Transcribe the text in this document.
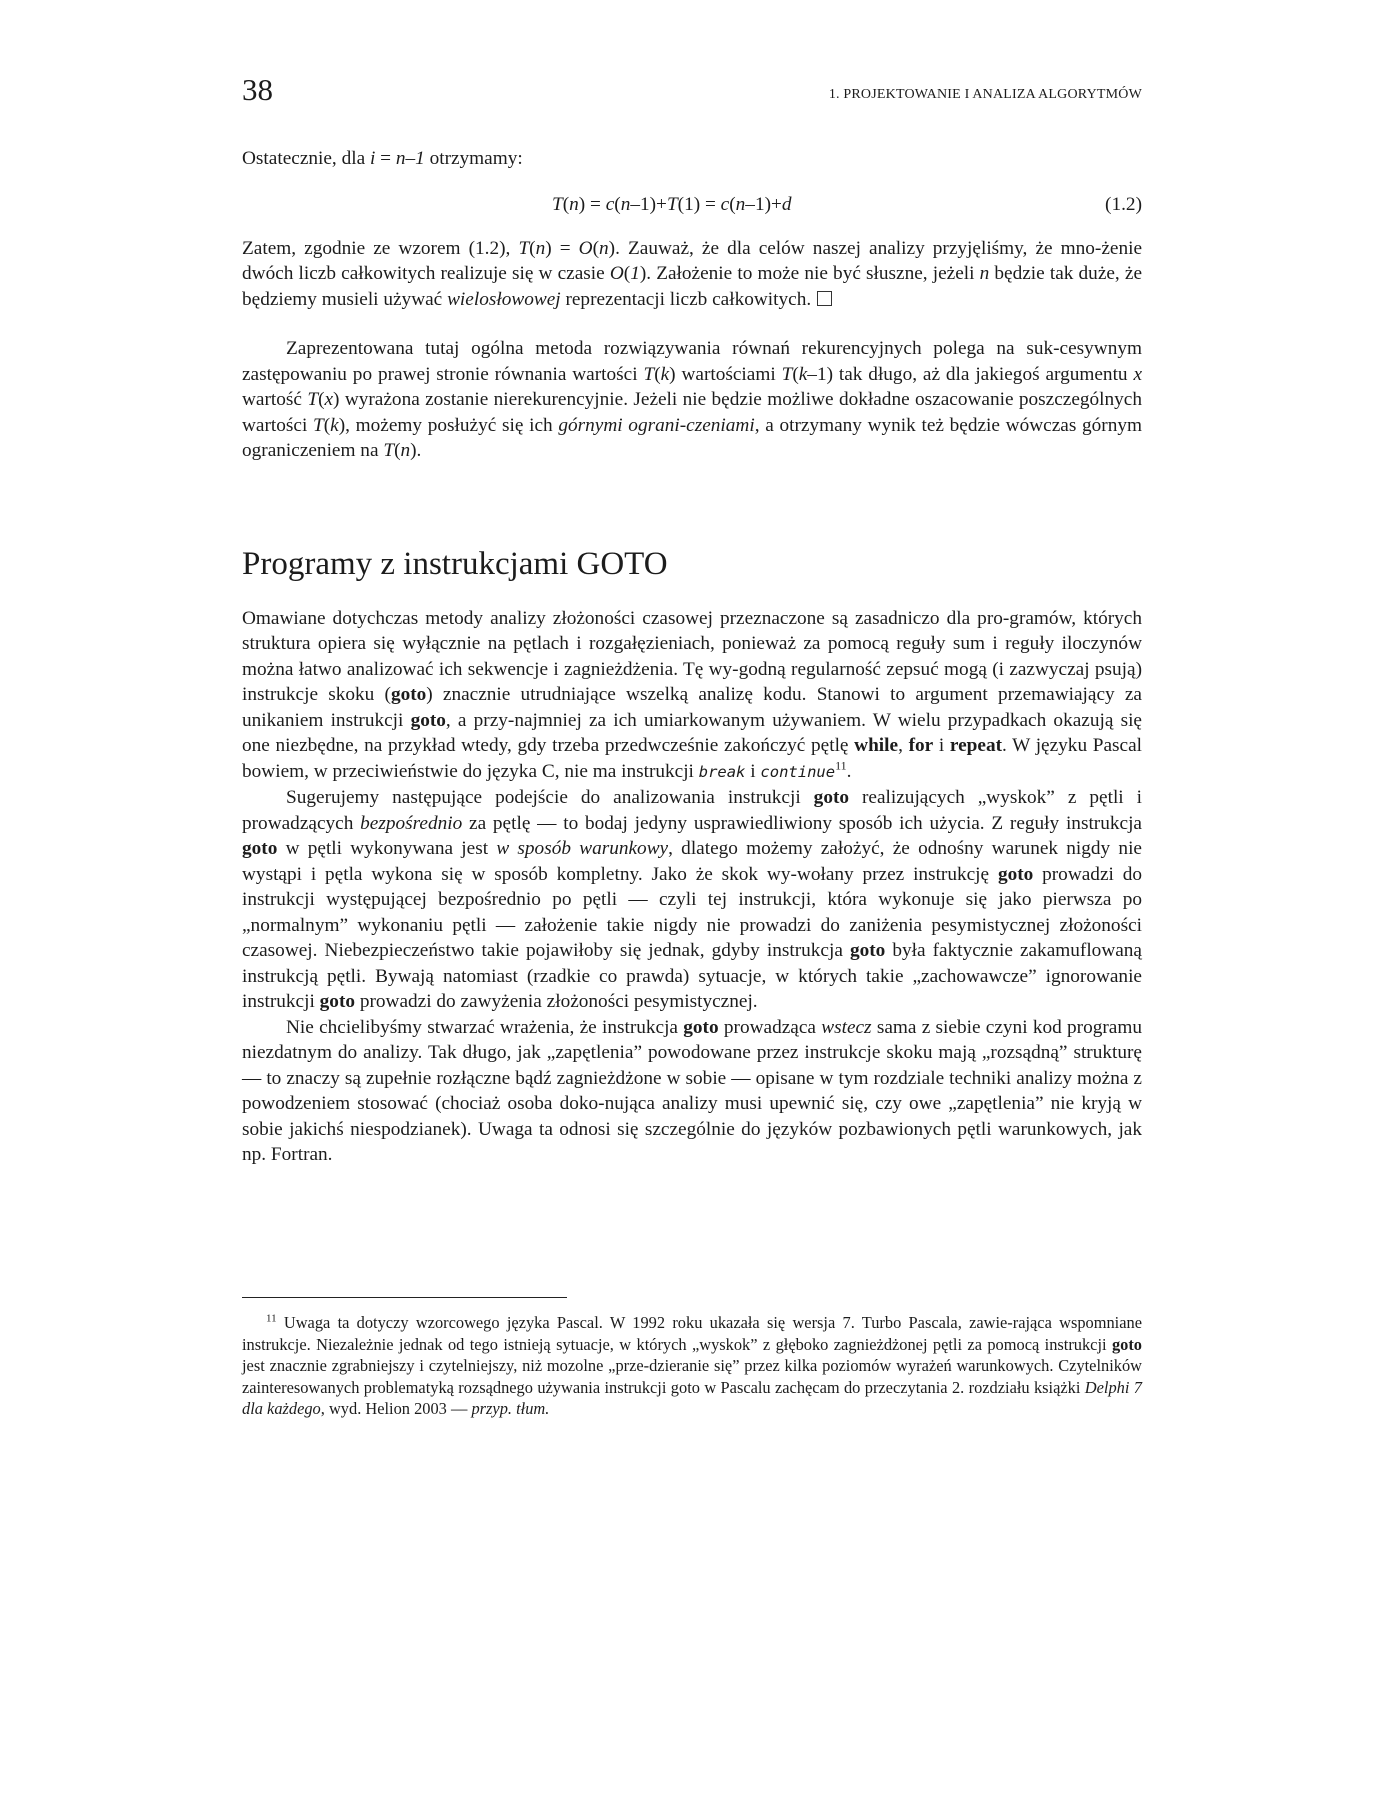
38	1. PROJEKTOWANIE I ANALIZA ALGORYTMÓW

Ostatecznie, dla i = n–1 otrzymamy:

T(n) = c(n–1)+T(1) = c(n–1)+d	(1.2)

Zatem, zgodnie ze wzorem (1.2), T(n) = O(n). Zauważ, że dla celów naszej analizy przyjęliśmy, że mno-żenie dwóch liczb całkowitych realizuje się w czasie O(1). Założenie to może nie być słuszne, jeżeli n będzie tak duże, że będziemy musieli używać wielosłowowej reprezentacji liczb całkowitych.

Zaprezentowana tutaj ogólna metoda rozwiązywania równań rekurencyjnych polega na suk-cesywnym zastępowaniu po prawej stronie równania wartości T(k) wartościami T(k–1) tak długo, aż dla jakiegoś argumentu x wartość T(x) wyrażona zostanie nierekurencyjnie. Jeżeli nie będzie możliwe dokładne oszacowanie poszczególnych wartości T(k), możemy posłużyć się ich górnymi ograni-czeniami, a otrzymany wynik też będzie wówczas górnym ograniczeniem na T(n).

Programy z instrukcjami GOTO

Omawiane dotychczas metody analizy złożoności czasowej przeznaczone są zasadniczo dla pro-gramów, których struktura opiera się wyłącznie na pętlach i rozgałęzieniach, ponieważ za pomocą reguły sum i reguły iloczynów można łatwo analizować ich sekwencje i zagnieżdżenia. Tę wy-godną regularność zepsuć mogą (i zazwyczaj psują) instrukcje skoku (goto) znacznie utrudniające wszelką analizę kodu. Stanowi to argument przemawiający za unikaniem instrukcji goto, a przy-najmniej za ich umiarkowanym używaniem. W wielu przypadkach okazują się one niezbędne, na przykład wtedy, gdy trzeba przedwcześnie zakończyć pętlę while, for i repeat. W języku Pascal bowiem, w przeciwieństwie do języka C, nie ma instrukcji break i continue$^{11}$.

Sugerujemy następujące podejście do analizowania instrukcji goto realizujących „wyskok” z pętli i prowadzących bezpośrednio za pętlę — to bodaj jedyny usprawiedliwiony sposób ich użycia. Z reguły instrukcja goto w pętli wykonywana jest w sposób warunkowy, dlatego możemy założyć, że odnośny warunek nigdy nie wystąpi i pętla wykona się w sposób kompletny. Jako że skok wy-wołany przez instrukcję goto prowadzi do instrukcji występującej bezpośrednio po pętli — czyli tej instrukcji, która wykonuje się jako pierwsza po „normalnym” wykonaniu pętli — założenie takie nigdy nie prowadzi do zaniżenia pesymistycznej złożoności czasowej. Niebezpieczeństwo takie pojawiłoby się jednak, gdyby instrukcja goto była faktycznie zakamuflowaną instrukcją pętli. Bywają natomiast (rzadkie co prawda) sytuacje, w których takie „zachowawcze” ignorowanie instrukcji goto prowadzi do zawyżenia złożoności pesymistycznej.

Nie chcielibyśmy stwarzać wrażenia, że instrukcja goto prowadząca wstecz sama z siebie czyni kod programu niezdatnym do analizy. Tak długo, jak „zapętlenia” powodowane przez instrukcje skoku mają „rozsądną” strukturę — to znaczy są zupełnie rozłączne bądź zagnieżdżone w sobie — opisane w tym rozdziale techniki analizy można z powodzeniem stosować (chociaż osoba doko-nująca analizy musi upewnić się, czy owe „zapętlenia” nie kryją w sobie jakichś niespodzianek). Uwaga ta odnosi się szczególnie do języków pozbawionych pętli warunkowych, jak np. Fortran.

$^{11}$ Uwaga ta dotyczy wzorcowego języka Pascal. W 1992 roku ukazała się wersja 7. Turbo Pascala, zawie-rająca wspomniane instrukcje. Niezależnie jednak od tego istnieją sytuacje, w których „wyskok” z głęboko zagnieżdżonej pętli za pomocą instrukcji goto jest znacznie zgrabniejszy i czytelniejszy, niż mozolne „prze-dzieranie się” przez kilka poziomów wyrażeń warunkowych. Czytelników zainteresowanych problematyką rozsądnego używania instrukcji goto w Pascalu zachęcam do przeczytania 2. rozdziału książki Delphi 7 dla każdego, wyd. Helion 2003 — przyp. tłum.
